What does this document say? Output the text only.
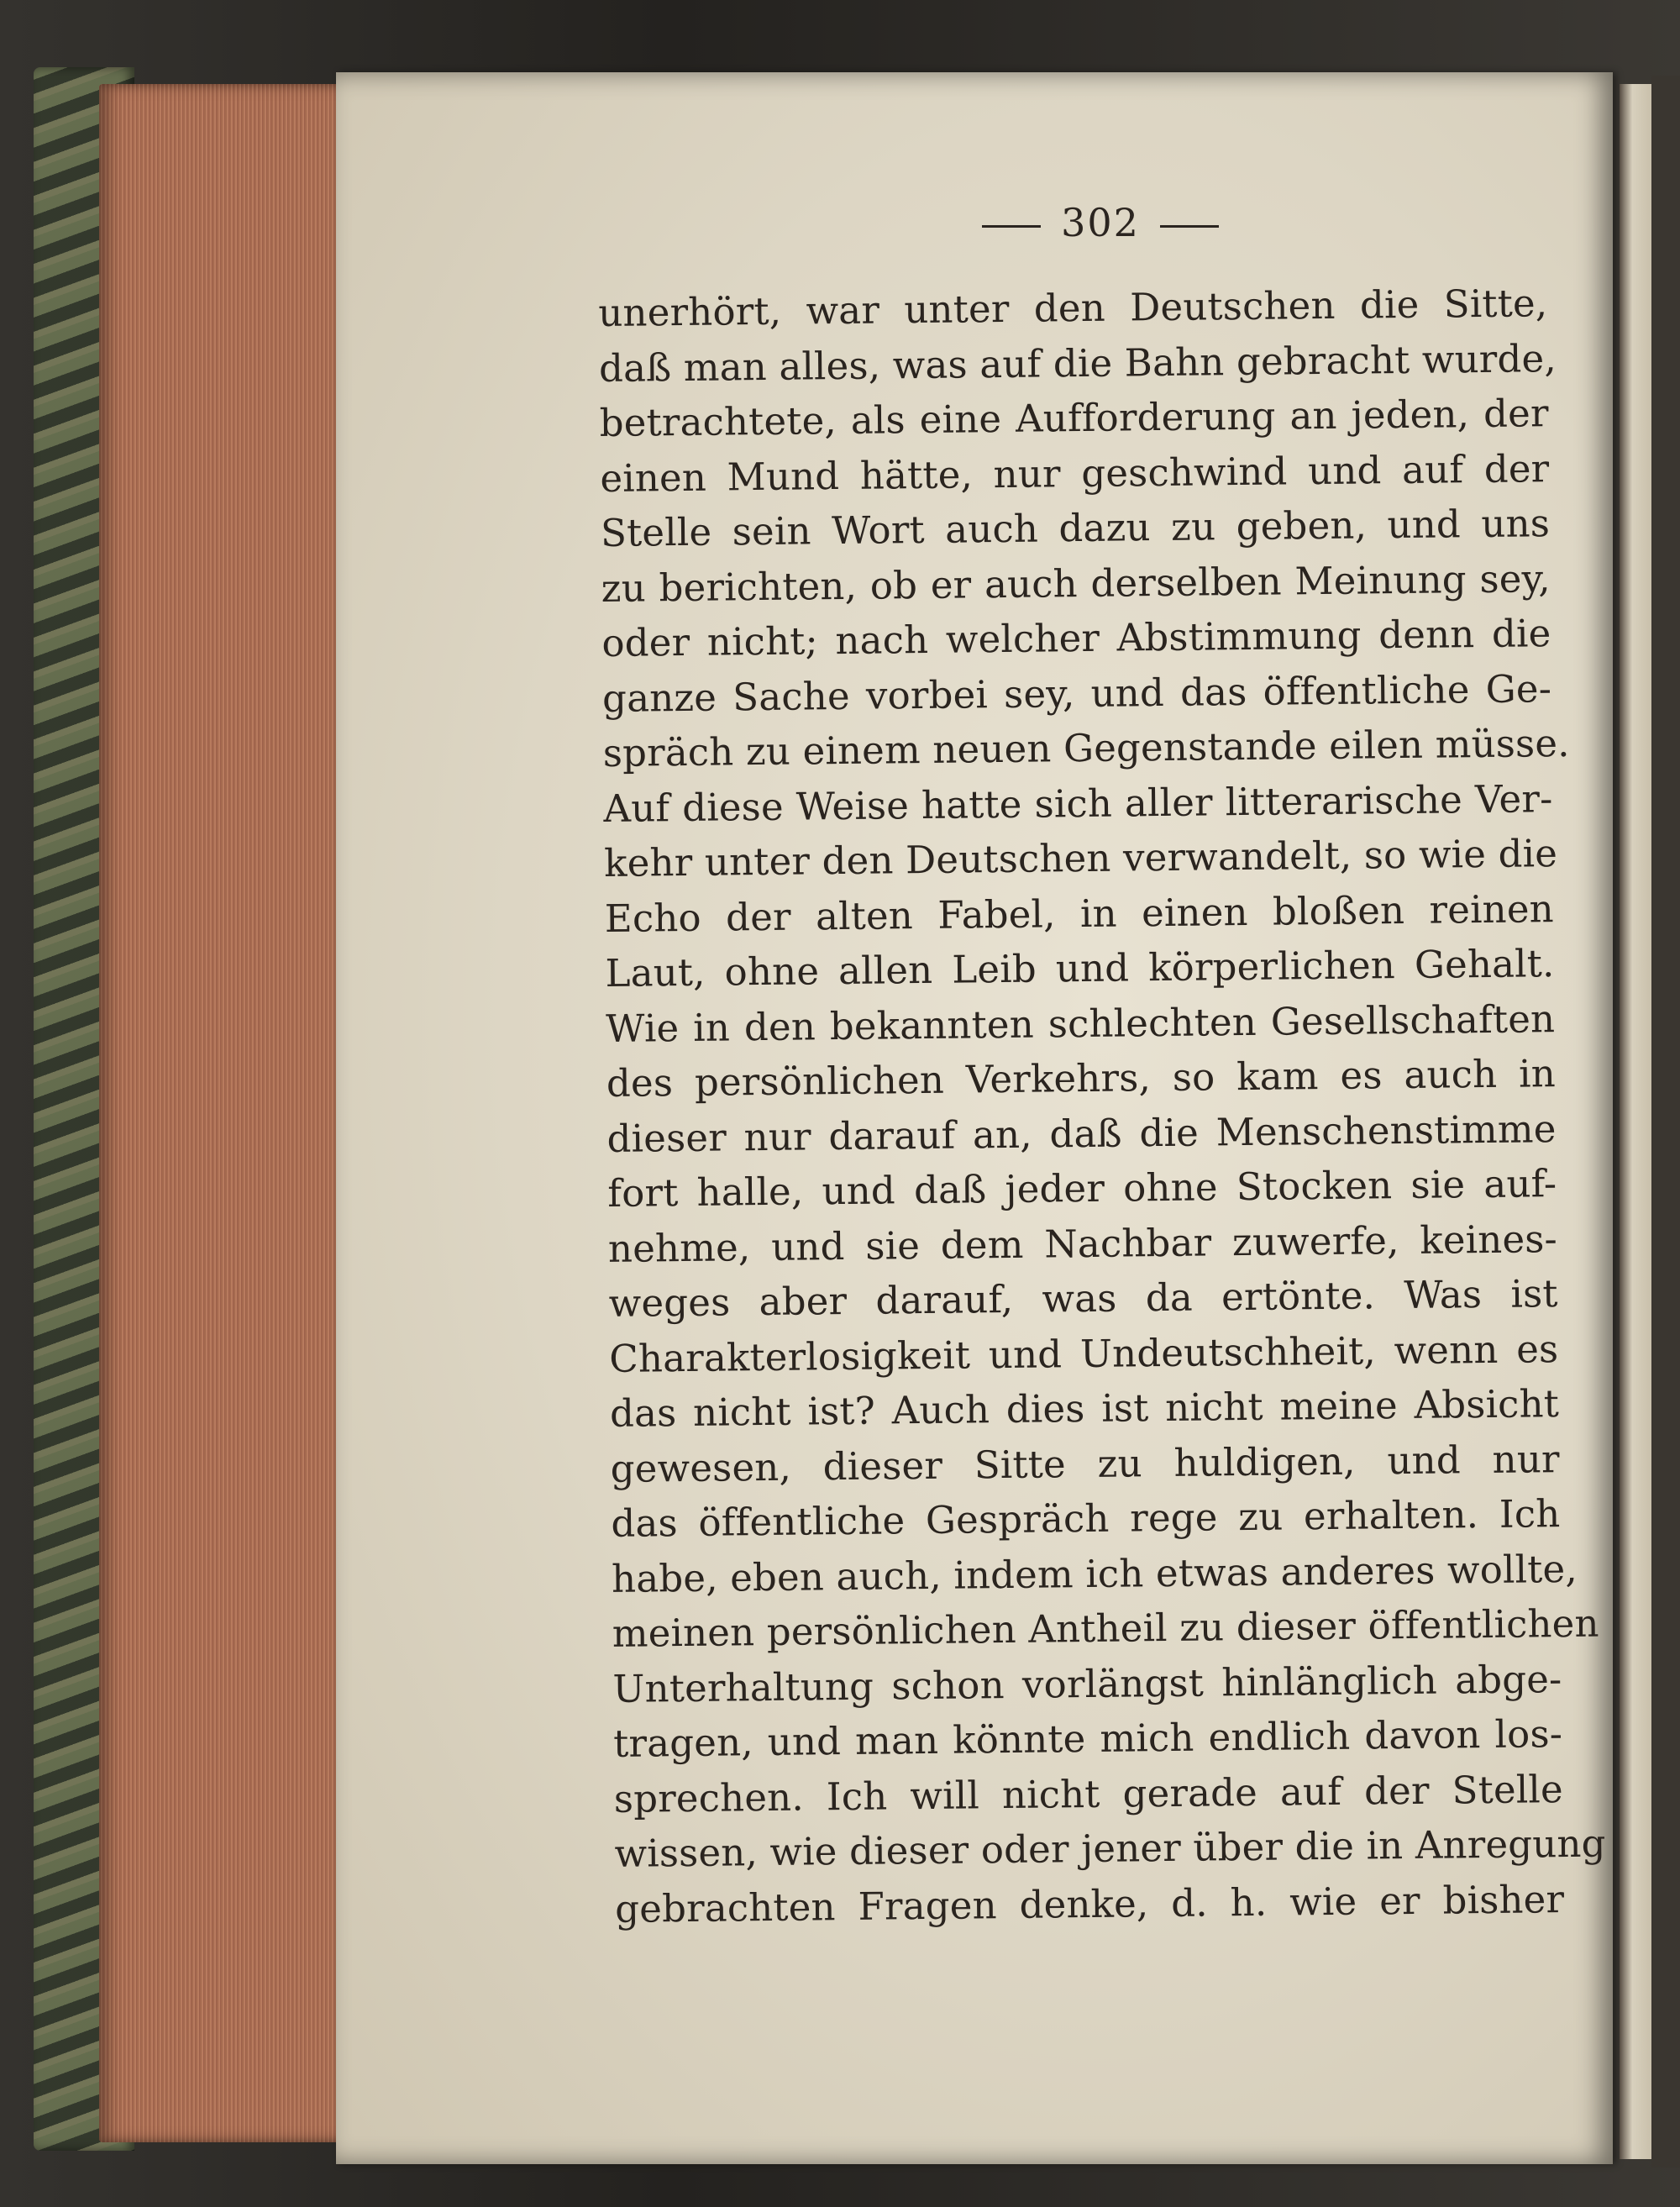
302
unerhört, war unter den Deutschen die Sitte,
daß man alles, was auf die Bahn gebracht wurde,
betrachtete, als eine Aufforderung an jeden, der
einen Mund hätte, nur geschwind und auf der
Stelle sein Wort auch dazu zu geben, und uns
zu berichten, ob er auch derselben Meinung sey,
oder nicht; nach welcher Abstimmung denn die
ganze Sache vorbei sey, und das öffentliche Ge-
spräch zu einem neuen Gegenstande eilen müsse.
Auf diese Weise hatte sich aller litterarische Ver-
kehr unter den Deutschen verwandelt, so wie die
Echo der alten Fabel, in einen bloßen reinen
Laut, ohne allen Leib und körperlichen Gehalt.
Wie in den bekannten schlechten Gesellschaften
des persönlichen Verkehrs, so kam es auch in
dieser nur darauf an, daß die Menschenstimme
fort halle, und daß jeder ohne Stocken sie auf-
nehme, und sie dem Nachbar zuwerfe, keines-
weges aber darauf, was da ertönte. Was ist
Charakterlosigkeit und Undeutschheit, wenn es
das nicht ist? Auch dies ist nicht meine Absicht
gewesen, dieser Sitte zu huldigen, und nur
das öffentliche Gespräch rege zu erhalten. Ich
habe, eben auch, indem ich etwas anderes wollte,
meinen persönlichen Antheil zu dieser öffentlichen
Unterhaltung schon vorlängst hinlänglich abge-
tragen, und man könnte mich endlich davon los-
sprechen. Ich will nicht gerade auf der Stelle
wissen, wie dieser oder jener über die in Anregung
gebrachten Fragen denke, d. h. wie er bisher
